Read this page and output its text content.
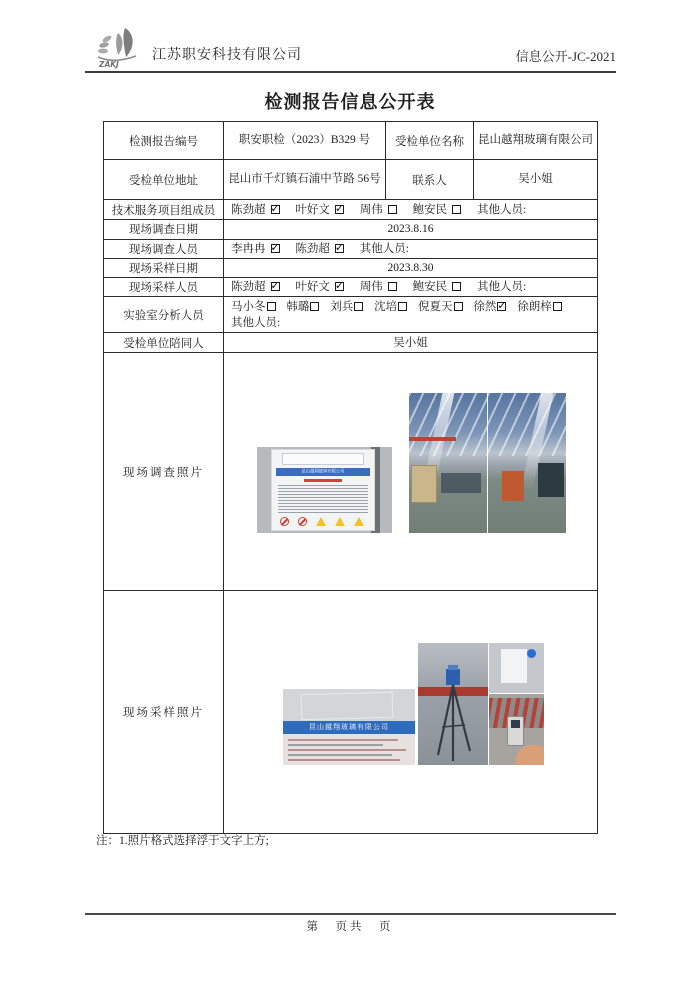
ZAKJ
江苏职安科技有限公司	信息公开-JC-2021
检测报告信息公开表
检测报告编号	职安职检（2023）B329 号	受检单位名称	昆山越翔玻璃有限公司
受检单位地址	昆山市千灯镇石浦中节路 56号	联系人	吴小姐
技术服务项目组成员	陈劲超 ✓ 叶好文 ✓ 周伟 鲍安民 其他人员:
现场调查日期	2023.8.16		
现场调查人员	李冉冉 ✓ 陈劲超 ✓ 其他人员:
现场采样日期	2023.8.30		
现场采样人员	陈劲超 ✓ 叶好文 ✓ 周伟 鲍安民 其他人员:
实验室分析人员	马小冬 韩璐 刘兵 沈培 倪夏天 徐然✓ 徐朗梓
其他人员:
受检单位陪同人	吴小姐		
现场调查照片	昆山越翔玻璃有限公司		

现场采样照片	昆山越翔玻璃有限公司		
注：1.照片格式选择浮于文字上方;
第　页共　页
